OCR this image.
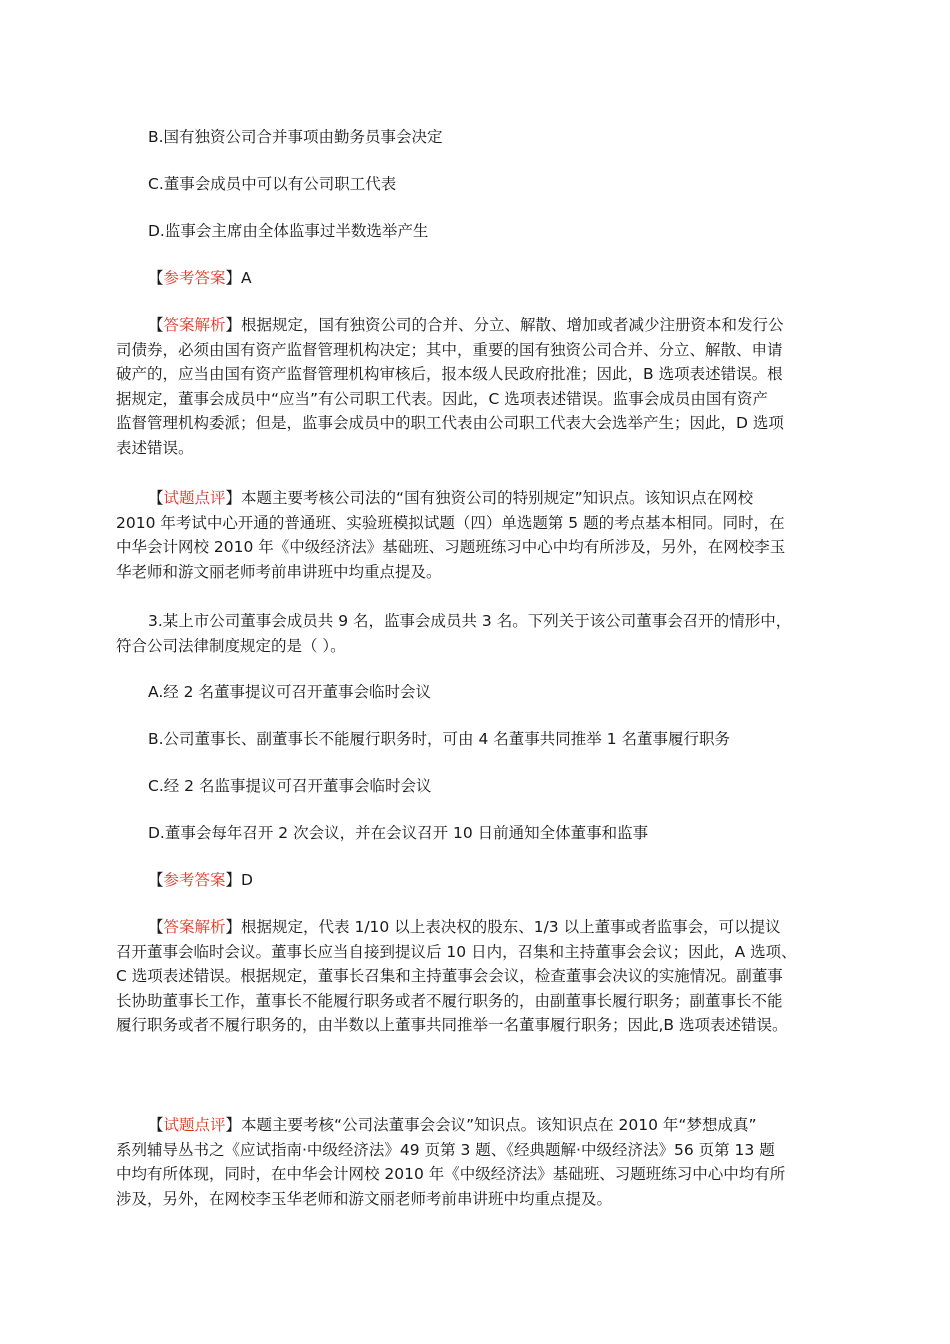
B.国有独资公司合并事项由勤务员事会决定
C.董事会成员中可以有公司职工代表
D.监事会主席由全体监事过半数选举产生
【参考答案】A

【答案解析】根据规定，国有独资公司的合并、分立、解散、增加或者减少注册资本和发行公

司债券，必须由国有资产监督管理机构决定；其中，重要的国有独资公司合并、分立、解散、申请

破产的，应当由国有资产监督管理机构审核后，报本级人民政府批准；因此，B 选项表述错误。根

据规定，董事会成员中“应当”有公司职工代表。因此，C 选项表述错误。监事会成员由国有资产

监督管理机构委派；但是，监事会成员中的职工代表由公司职工代表大会选举产生；因此，D 选项

表述错误。

【试题点评】本题主要考核公司法的“国有独资公司的特别规定”知识点。该知识点在网校

2010 年考试中心开通的普通班、实验班模拟试题（四）单选题第 5 题的考点基本相同。同时，在

中华会计网校 2010 年《中级经济法》基础班、习题班练习中心中均有所涉及，另外，在网校李玉

华老师和游文丽老师考前串讲班中均重点提及。

3.某上市公司董事会成员共 9 名，监事会成员共 3 名。下列关于该公司董事会召开的情形中，

符合公司法律制度规定的是（ ）。

A.经 2 名董事提议可召开董事会临时会议
B.公司董事长、副董事长不能履行职务时，可由 4 名董事共同推举 1 名董事履行职务
C.经 2 名监事提议可召开董事会临时会议
D.董事会每年召开 2 次会议，并在会议召开 10 日前通知全体董事和监事
【参考答案】D

【答案解析】根据规定，代表 1/10 以上表决权的股东、1/3 以上董事或者监事会，可以提议

召开董事会临时会议。董事长应当自接到提议后 10 日内，召集和主持董事会会议；因此，A 选项、

C 选项表述错误。根据规定，董事长召集和主持董事会会议，检查董事会决议的实施情况。副董事

长协助董事长工作，董事长不能履行职务或者不履行职务的，由副董事长履行职务；副董事长不能

履行职务或者不履行职务的，由半数以上董事共同推举一名董事履行职务；因此,B 选项表述错误。

【试题点评】本题主要考核“公司法董事会会议”知识点。该知识点在 2010 年“梦想成真”

系列辅导丛书之《应试指南·中级经济法》49 页第 3 题、《经典题解·中级经济法》56 页第 13 题

中均有所体现，同时，在中华会计网校 2010 年《中级经济法》基础班、习题班练习中心中均有所

涉及，另外，在网校李玉华老师和游文丽老师考前串讲班中均重点提及。
